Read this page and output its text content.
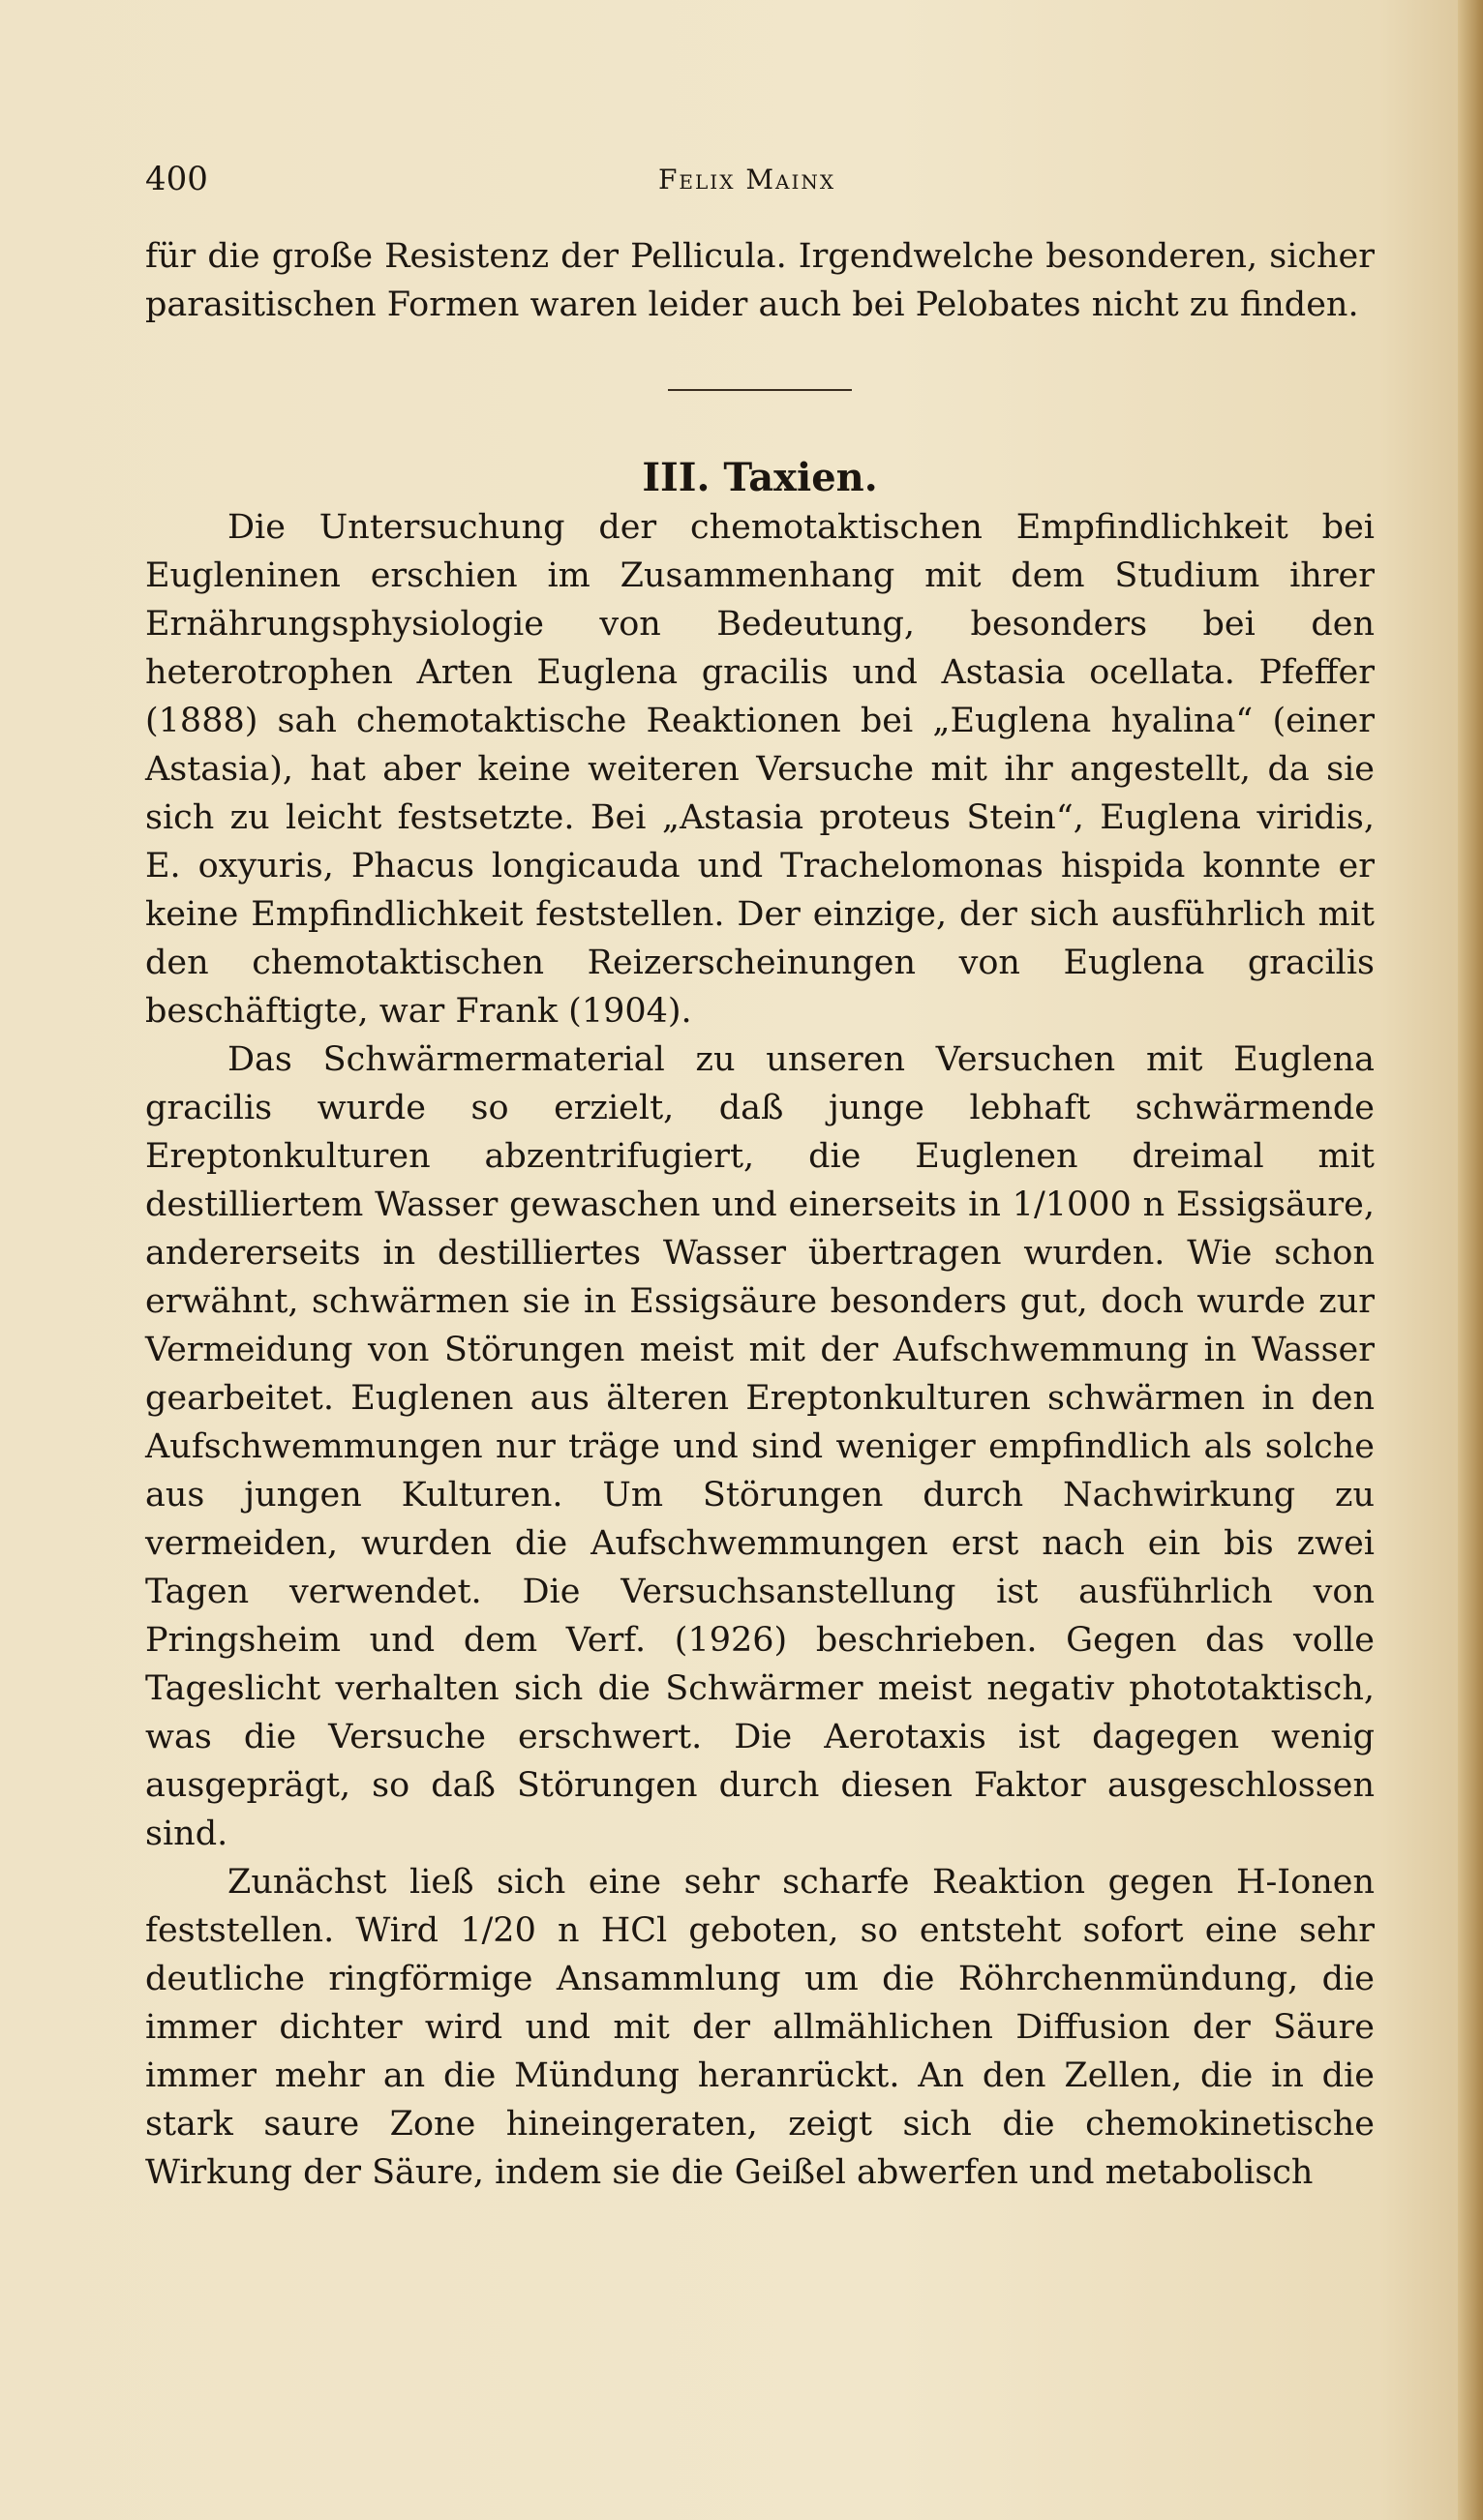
400	Felix Mainx

für die große Resistenz der Pellicula. Irgendwelche besonderen, sicher parasitischen Formen waren leider auch bei Pelobates nicht zu finden.

III. Taxien.

Die Untersuchung der chemotaktischen Empfindlichkeit bei Eugleninen erschien im Zusammenhang mit dem Studium ihrer Ernährungsphysiologie von Bedeutung, besonders bei den heterotrophen Arten Euglena gracilis und Astasia ocellata. Pfeffer (1888) sah chemotaktische Reaktionen bei „Euglena hyalina“ (einer Astasia), hat aber keine weiteren Versuche mit ihr angestellt, da sie sich zu leicht festsetzte. Bei „Astasia proteus Stein“, Euglena viridis, E. oxyuris, Phacus longicauda und Trachelomonas hispida konnte er keine Empfindlichkeit feststellen. Der einzige, der sich ausführlich mit den chemotaktischen Reizerscheinungen von Euglena gracilis beschäftigte, war Frank (1904).

Das Schwärmermaterial zu unseren Versuchen mit Euglena gracilis wurde so erzielt, daß junge lebhaft schwärmende Ereptonkulturen abzentrifugiert, die Euglenen dreimal mit destilliertem Wasser gewaschen und einerseits in 1/1000 n Essigsäure, andererseits in destilliertes Wasser übertragen wurden. Wie schon erwähnt, schwärmen sie in Essigsäure besonders gut, doch wurde zur Vermeidung von Störungen meist mit der Aufschwemmung in Wasser gearbeitet. Euglenen aus älteren Ereptonkulturen schwärmen in den Aufschwemmungen nur träge und sind weniger empfindlich als solche aus jungen Kulturen. Um Störungen durch Nachwirkung zu vermeiden, wurden die Aufschwemmungen erst nach ein bis zwei Tagen verwendet. Die Versuchsanstellung ist ausführlich von Pringsheim und dem Verf. (1926) beschrieben. Gegen das volle Tageslicht verhalten sich die Schwärmer meist negativ phototaktisch, was die Versuche erschwert. Die Aerotaxis ist dagegen wenig ausgeprägt, so daß Störungen durch diesen Faktor ausgeschlossen sind.

Zunächst ließ sich eine sehr scharfe Reaktion gegen H-Ionen feststellen. Wird 1/20 n HCl geboten, so entsteht sofort eine sehr deutliche ringförmige Ansammlung um die Röhrchenmündung, die immer dichter wird und mit der allmählichen Diffusion der Säure immer mehr an die Mündung heranrückt. An den Zellen, die in die stark saure Zone hineingeraten, zeigt sich die chemokinetische Wirkung der Säure, indem sie die Geißel abwerfen und metabolisch
